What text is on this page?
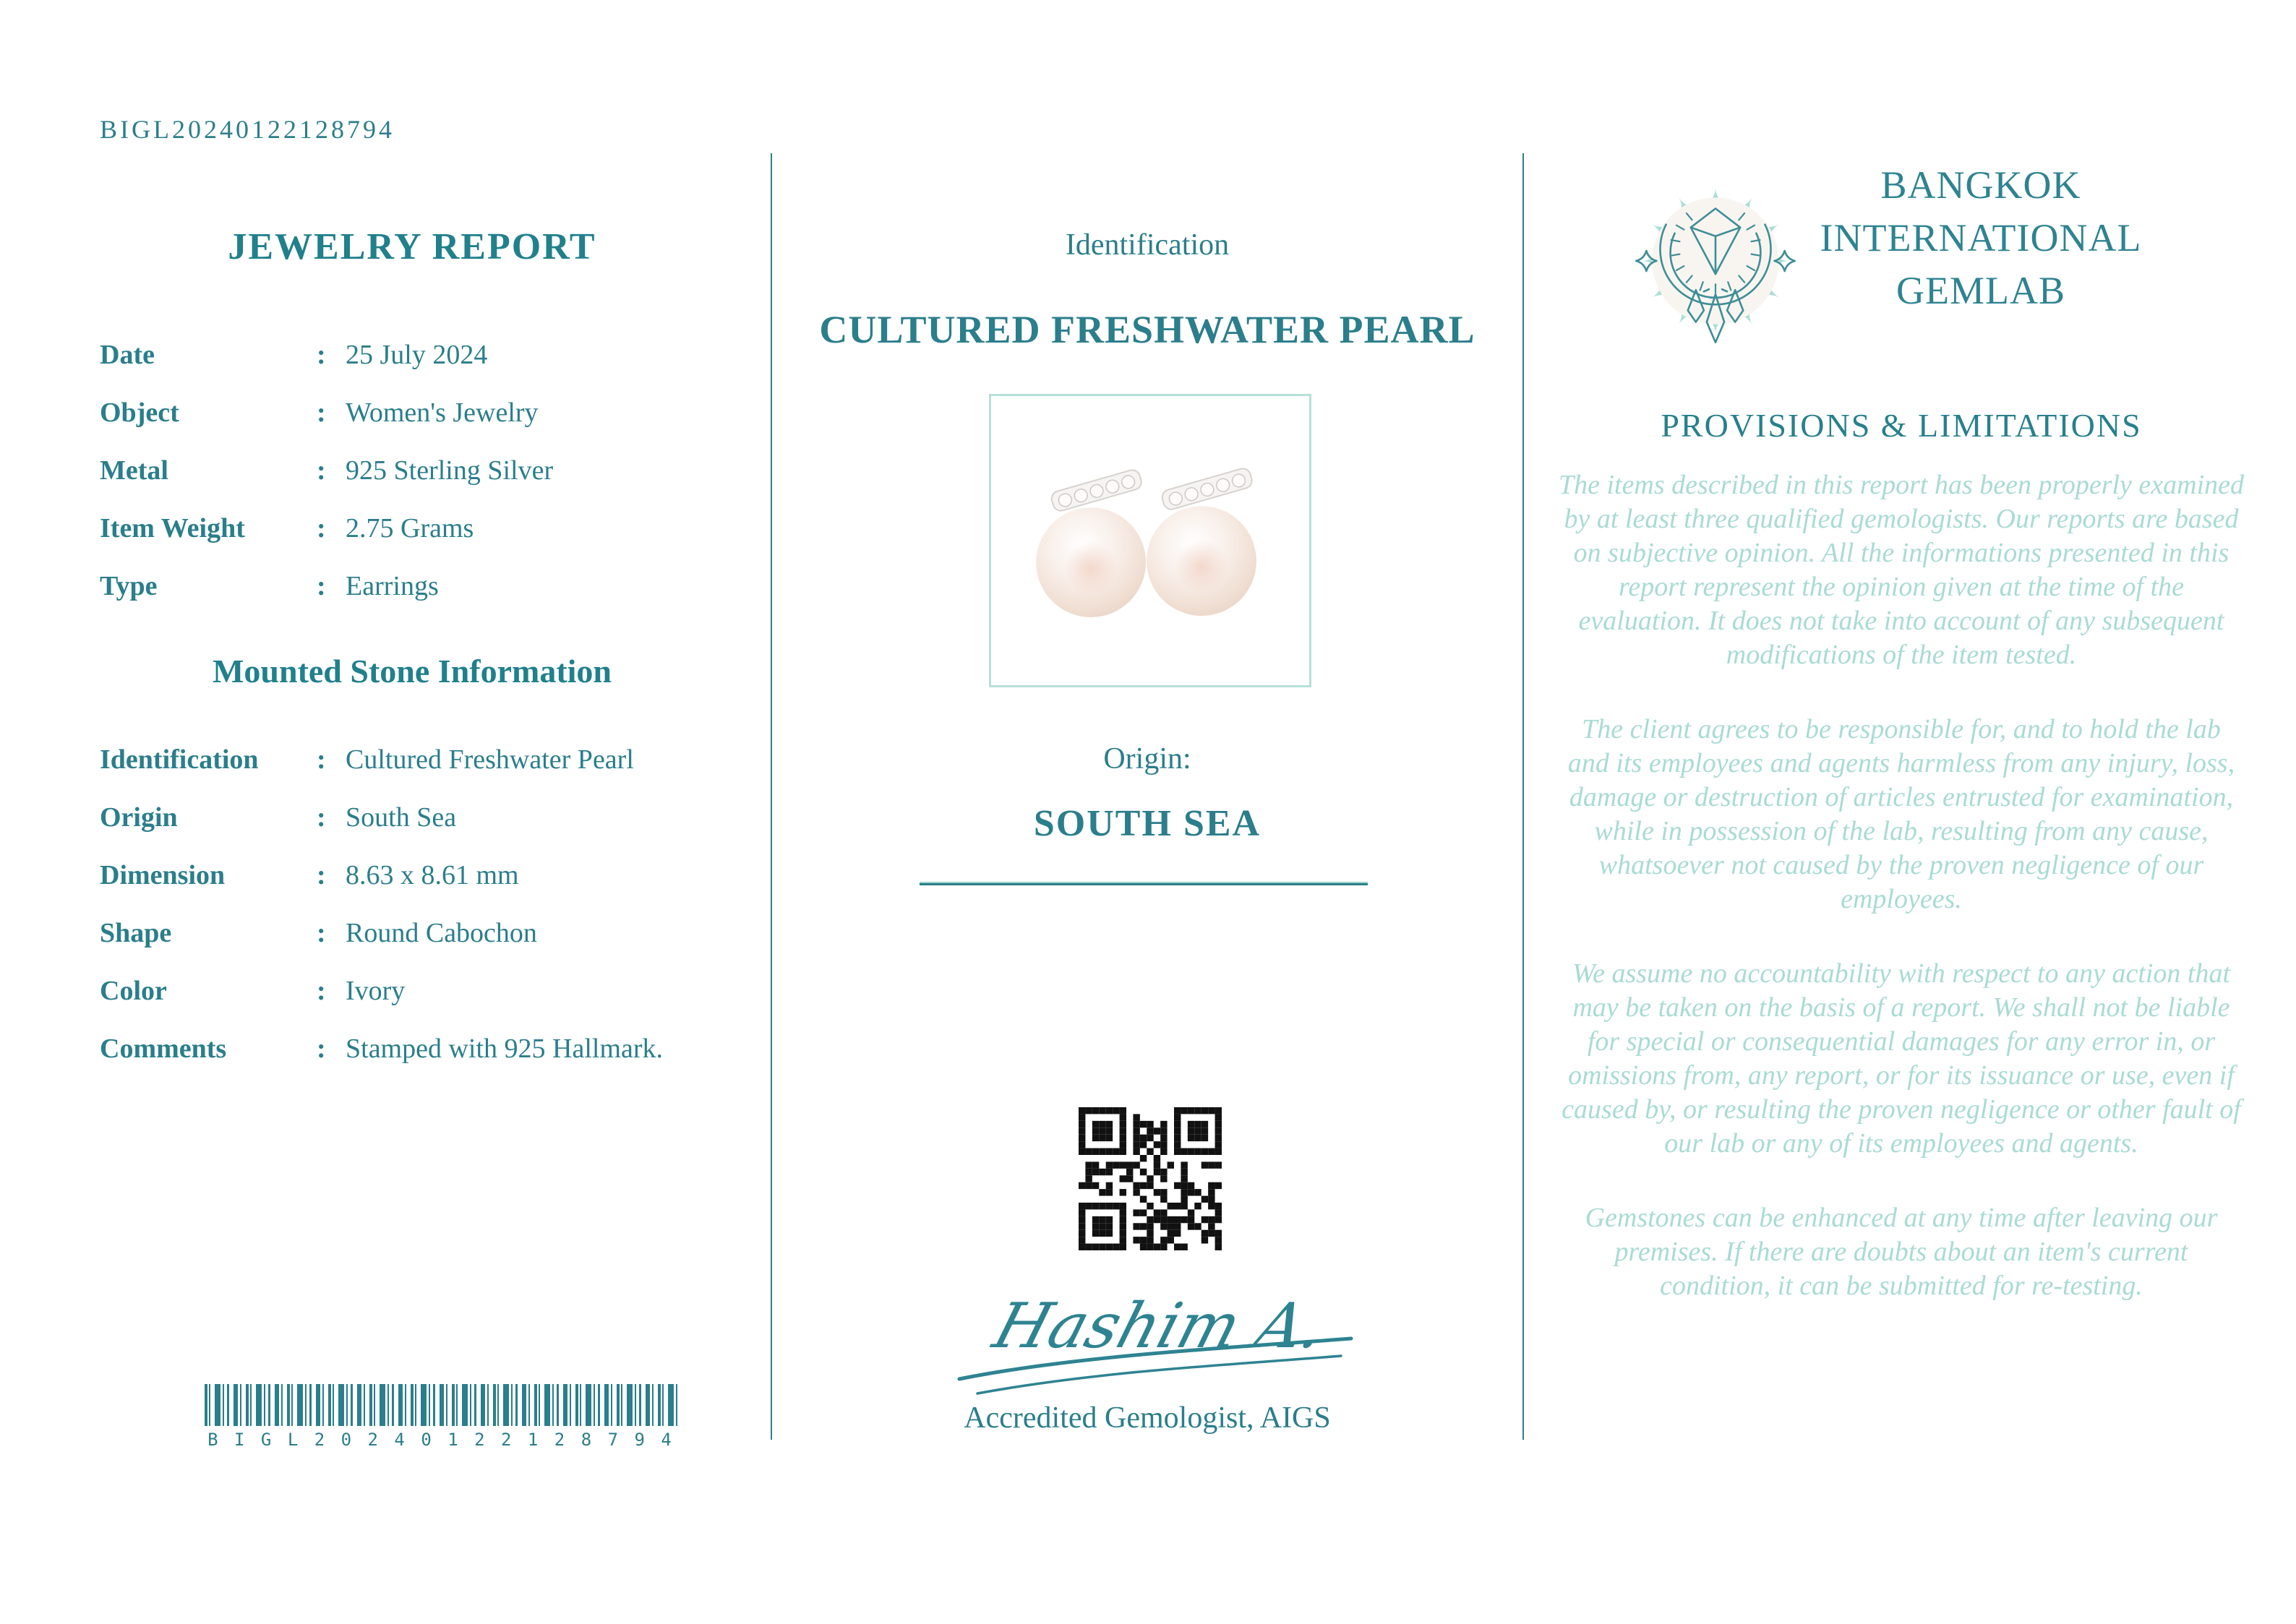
BIGL20240122128794
JEWELRY REPORT
Date	: 25 July 2024
Object	: Women's Jewelry
Metal	: 925 Sterling Silver
Item Weight	: 2.75 Grams
Type	: Earrings
Mounted Stone Information
Identification	: Cultured Freshwater Pearl
Origin	: South Sea
Dimension	: 8.63 x 8.61 mm
Shape	: Round Cabochon
Color	: Ivory
Comments	: Stamped with 925 Hallmark.
B I G L 2 0 2 4 0 1 2 2 1 2 8 7 9 4
Identification
CULTURED FRESHWATER PEARL
Origin:
SOUTH SEA
Hashim A.
Accredited Gemologist, AIGS
BANGKOK
INTERNATIONAL
GEMLAB
PROVISIONS & LIMITATIONS

The items described in this report has been properly examined by at least three qualified gemologists. Our reports are based on subjective opinion. All the informations presented in this report represent the opinion given at the time of the evaluation. It does not take into account of any subsequent modifications of the item tested.

The client agrees to be responsible for, and to hold the lab and its employees and agents harmless from any injury, loss, damage or destruction of articles entrusted for examination, while in possession of the lab, resulting from any cause, whatsoever not caused by the proven negligence of our employees.

We assume no accountability with respect to any action that may be taken on the basis of a report. We shall not be liable for special or consequential damages for any error in, or omissions from, any report, or for its issuance or use, even if caused by, or resulting the proven negligence or other fault of our lab or any of its employees and agents.

Gemstones can be enhanced at any time after leaving our premises. If there are doubts about an item's current condition, it can be submitted for re-testing.
